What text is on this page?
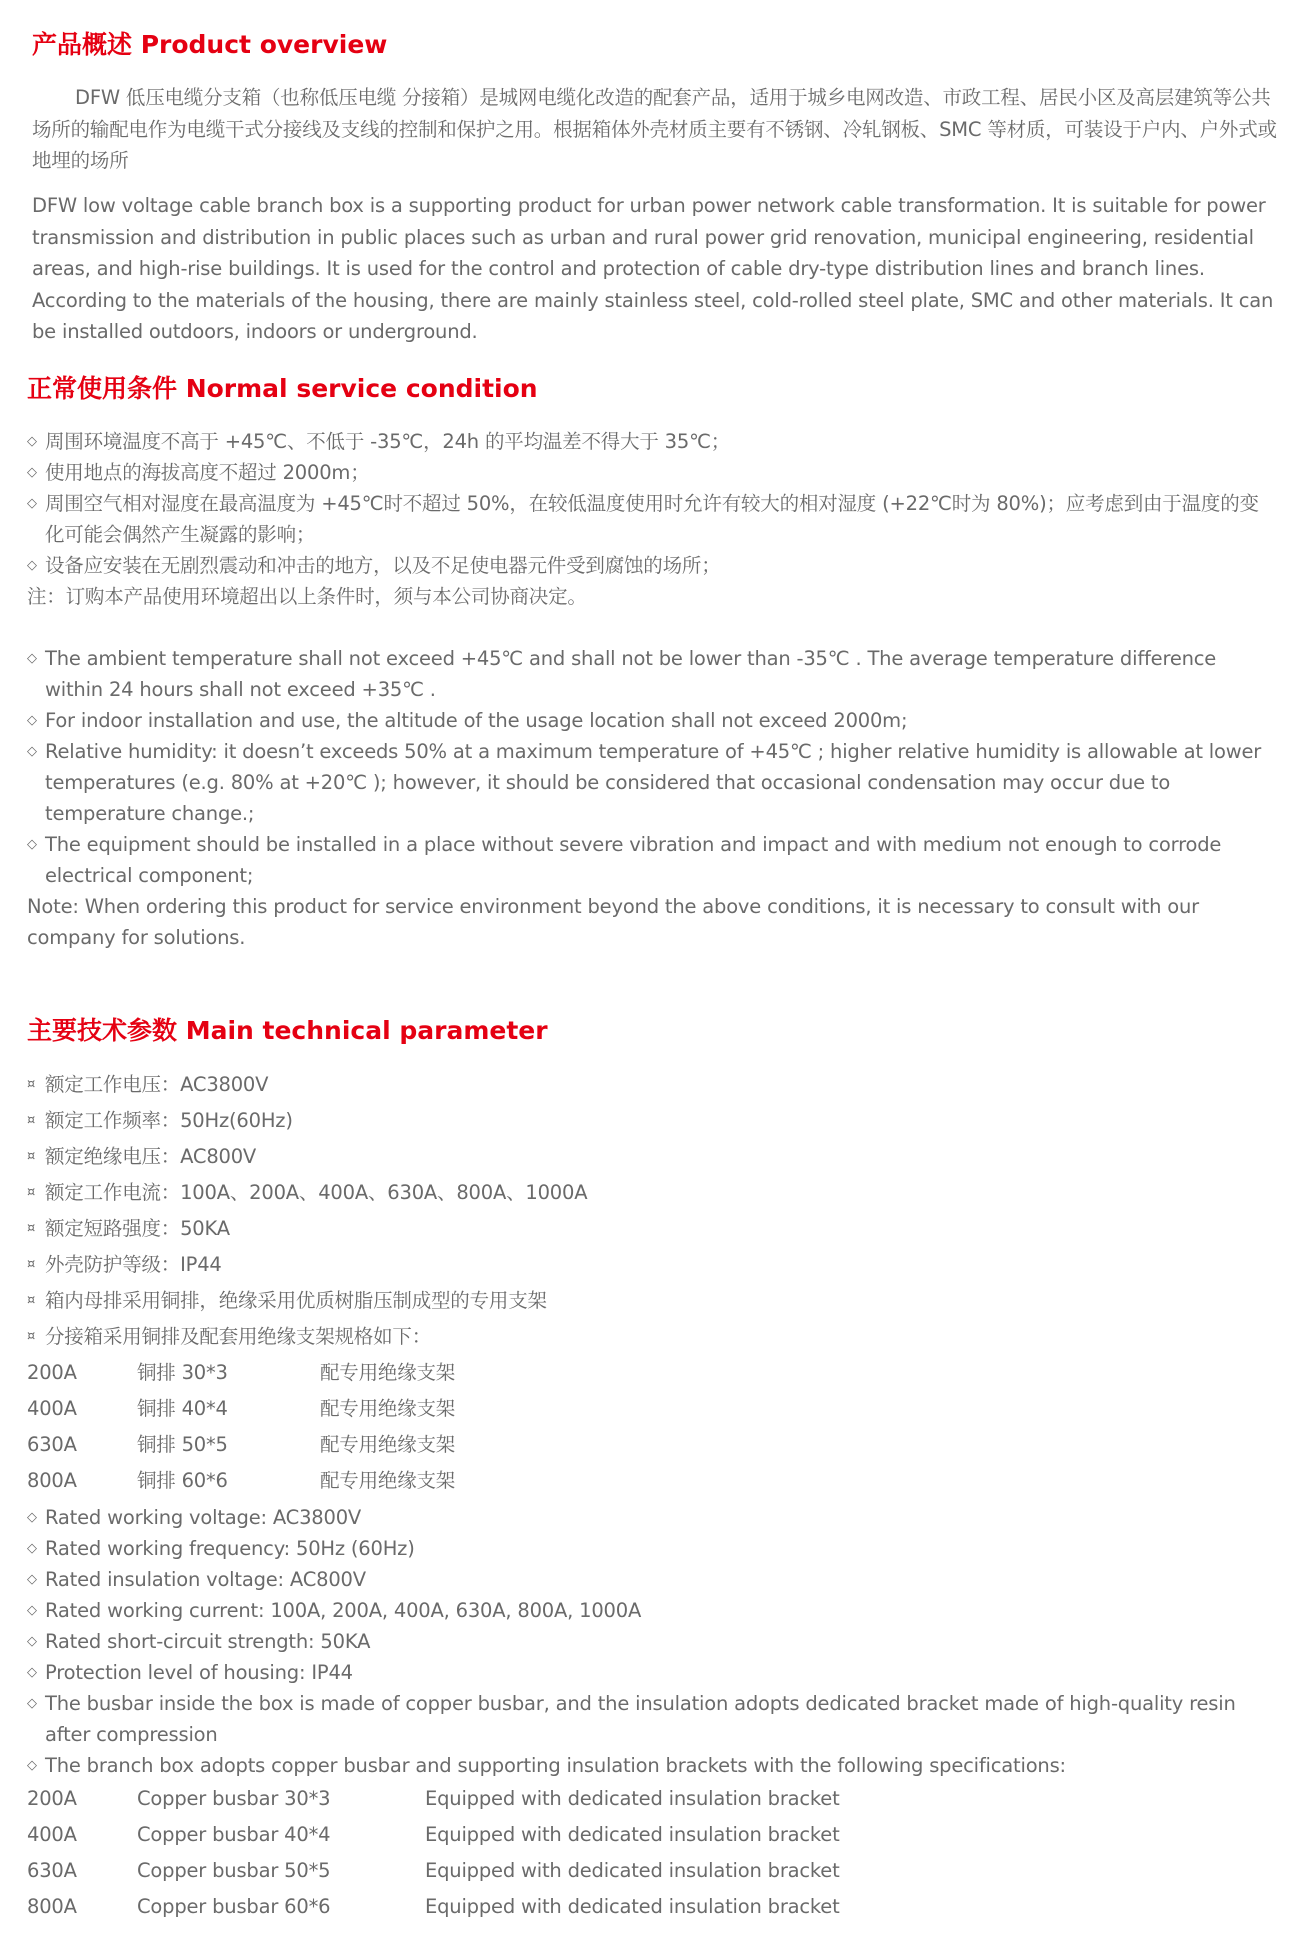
产品概述 Product overview

DFW 低压电缆分支箱（也称低压电缆 分接箱）是城网电缆化改造的配套产品，适用于城乡电网改造、市政工程、居民小区及高层建筑等公共场所的输配电作为电缆干式分接线及支线的控制和保护之用。根据箱体外壳材质主要有不锈钢、冷轧钢板、SMC 等材质，可装设于户内、户外式或地埋的场所

DFW low voltage cable branch box is a supporting product for urban power network cable transformation. It is suitable for power transmission and distribution in public places such as urban and rural power grid renovation, municipal engineering, residential areas, and high-rise buildings. It is used for the control and protection of cable dry-type distribution lines and branch lines. According to the materials of the housing, there are mainly stainless steel, cold-rolled steel plate, SMC and other materials. It can be installed outdoors, indoors or underground.

正常使用条件 Normal service condition
◇ 周围环境温度不高于 +45℃、不低于 -35℃，24h 的平均温差不得大于 35℃；
◇ 使用地点的海拔高度不超过 2000m；
◇ 周围空气相对湿度在最高温度为 +45℃时不超过 50%，在较低温度使用时允许有较大的相对湿度 (+22℃时为 80%)；应考虑到由于温度的变化可能会偶然产生凝露的影响；
◇ 设备应安装在无剧烈震动和冲击的地方，以及不足使电器元件受到腐蚀的场所；
注：订购本产品使用环境超出以上条件时，须与本公司协商决定。
◇ The ambient temperature shall not exceed +45℃ and shall not be lower than -35℃ . The average temperature difference within 24 hours shall not exceed +35℃ .
◇ For indoor installation and use, the altitude of the usage location shall not exceed 2000m;
◇ Relative humidity: it doesn’t exceeds 50% at a maximum temperature of +45℃ ; higher relative humidity is allowable at lower temperatures (e.g. 80% at +20℃ ); however, it should be considered that occasional condensation may occur due to temperature change.;
◇ The equipment should be installed in a place without severe vibration and impact and with medium not enough to corrode electrical component;
Note: When ordering this product for service environment beyond the above conditions, it is necessary to consult with our company for solutions.
主要技术参数 Main technical parameter
¤ 额定工作电压：AC3800V
¤ 额定工作频率：50Hz(60Hz)
¤ 额定绝缘电压：AC800V
¤ 额定工作电流：100A、200A、400A、630A、800A、1000A
¤ 额定短路强度：50KA
¤ 外壳防护等级：IP44
¤ 箱内母排采用铜排，绝缘采用优质树脂压制成型的专用支架
¤ 分接箱采用铜排及配套用绝缘支架规格如下：
200A	铜排 30*3	配专用绝缘支架
400A	铜排 40*4	配专用绝缘支架
630A	铜排 50*5	配专用绝缘支架
800A	铜排 60*6	配专用绝缘支架
◇ Rated working voltage: AC3800V
◇ Rated working frequency: 50Hz (60Hz)
◇ Rated insulation voltage: AC800V
◇ Rated working current: 100A, 200A, 400A, 630A, 800A, 1000A
◇ Rated short-circuit strength: 50KA
◇ Protection level of housing: IP44
◇ The busbar inside the box is made of copper busbar, and the insulation adopts dedicated bracket made of high-quality resin after compression
◇ The branch box adopts copper busbar and supporting insulation brackets with the following specifications:
200A	Copper busbar 30*3	Equipped with dedicated insulation bracket
400A	Copper busbar 40*4	Equipped with dedicated insulation bracket
630A	Copper busbar 50*5	Equipped with dedicated insulation bracket
800A	Copper busbar 60*6	Equipped with dedicated insulation bracket
